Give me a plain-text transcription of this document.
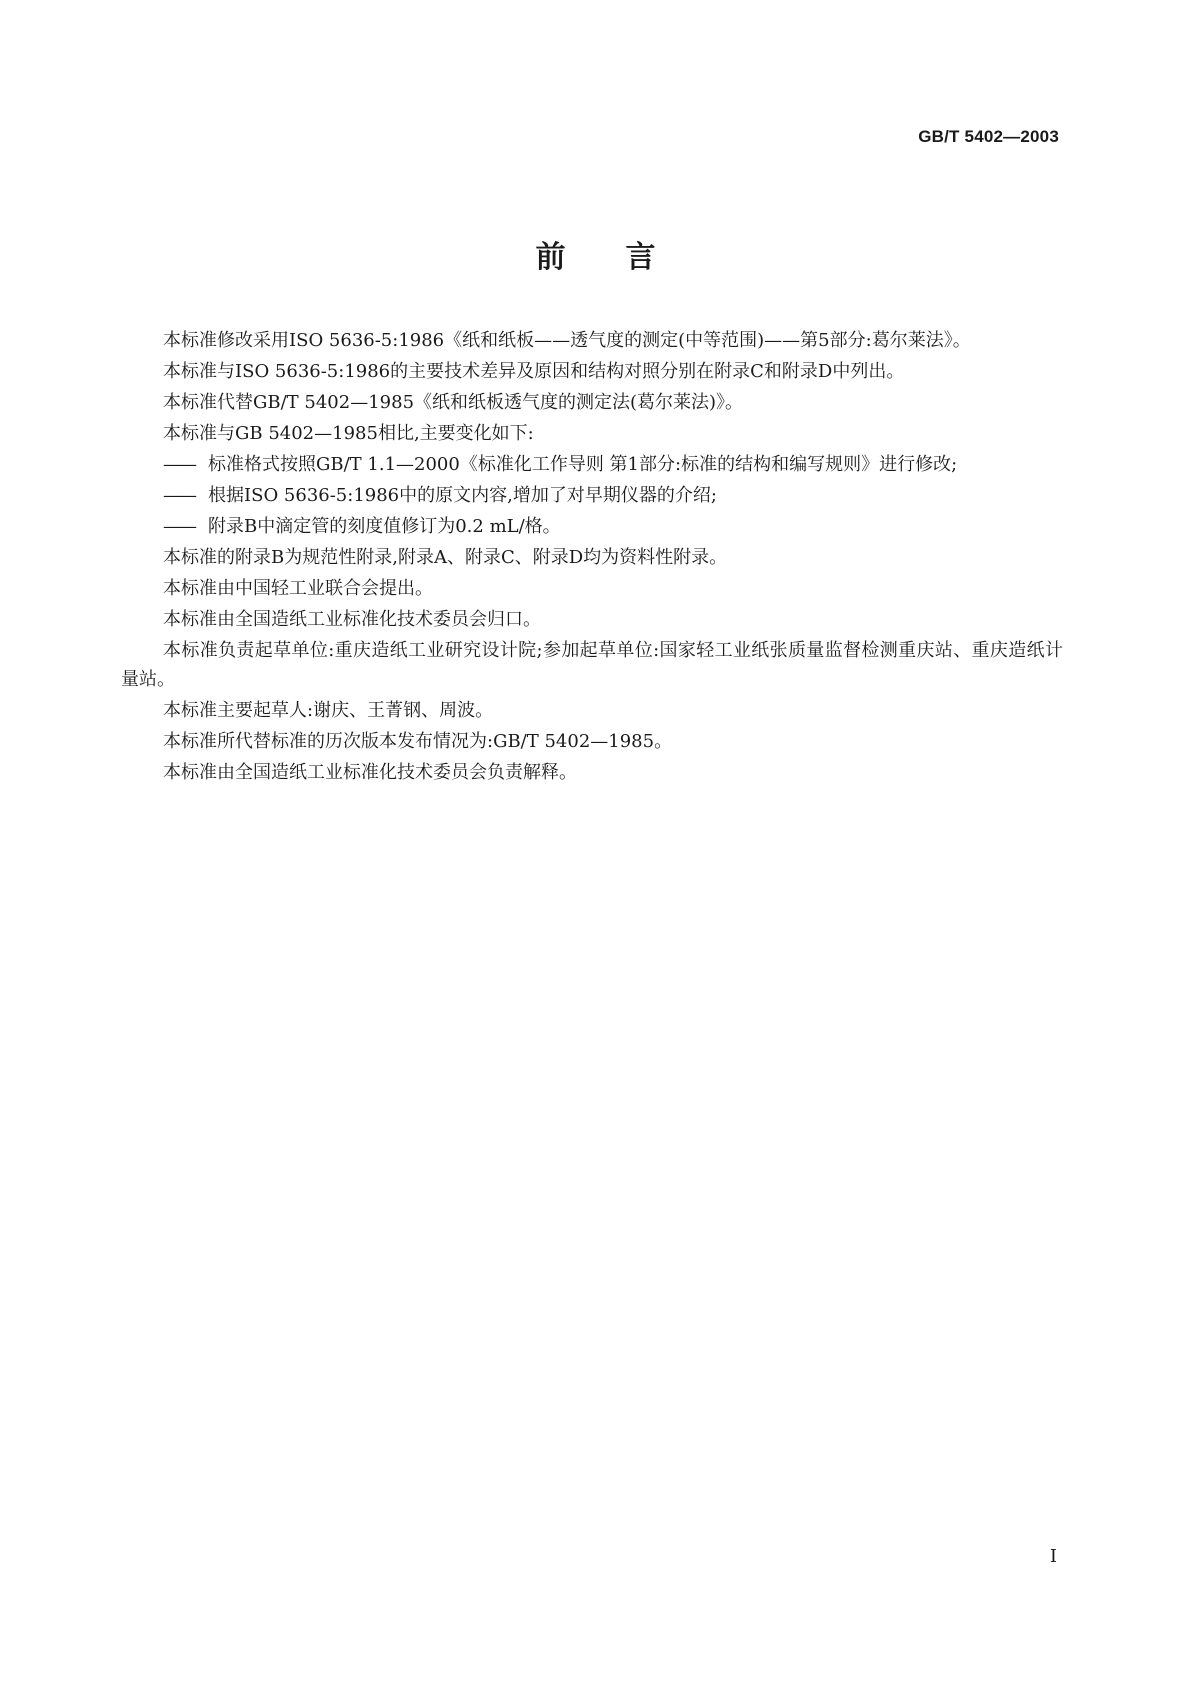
GB/T 5402—2003
前言

本标准修改采用ISO 5636-5:1986《纸和纸板——透气度的测定(中等范围)——第5部分:葛尔莱法》。

本标准与ISO 5636-5:1986的主要技术差异及原因和结构对照分别在附录C和附录D中列出。

本标准代替GB/T 5402—1985《纸和纸板透气度的测定法(葛尔莱法)》。

本标准与GB 5402—1985相比,主要变化如下:

—— 标准格式按照GB/T 1.1—2000《标准化工作导则 第1部分:标准的结构和编写规则》进行修改;
—— 根据ISO 5636-5:1986中的原文内容,增加了对早期仪器的介绍;
—— 附录B中滴定管的刻度值修订为0.2 mL/格。

本标准的附录B为规范性附录,附录A、附录C、附录D均为资料性附录。

本标准由中国轻工业联合会提出。

本标准由全国造纸工业标准化技术委员会归口。

本标准负责起草单位:重庆造纸工业研究设计院;参加起草单位:国家轻工业纸张质量监督检测重庆站、重庆造纸计量站。

本标准主要起草人:谢庆、王菁钢、周波。

本标准所代替标准的历次版本发布情况为:GB/T 5402—1985。

本标准由全国造纸工业标准化技术委员会负责解释。

I
